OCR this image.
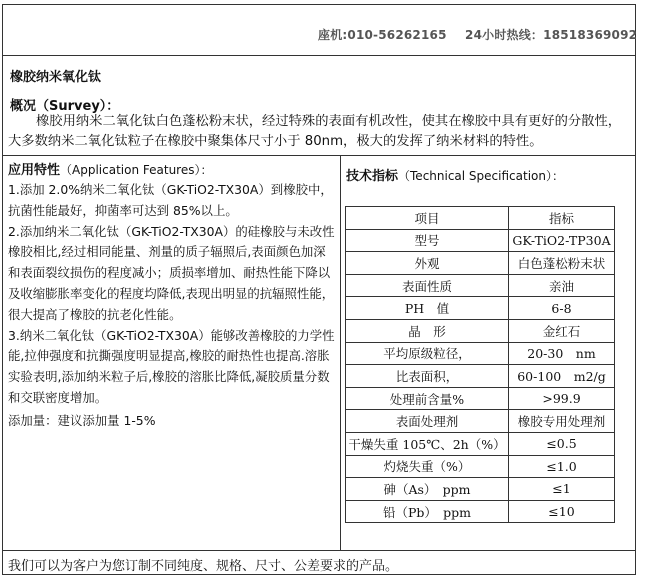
座机:010-56262165 24小时热线：18518369092
橡胶纳米氧化钛
概况（Survey）：
橡胶用纳米二氧化钛白色蓬松粉末状，经过特殊的表面有机改性，使其在橡胶中具有更好的分散性，大多数纳米二氧化钛粒子在橡胶中聚集体尺寸小于 80nm，极大的发挥了纳米材料的特性。
应用特性（Application Features）：

1.添加 2.0%纳米二氧化钛（GK-TiO2-TX30A）到橡胶中，抗菌性能最好，抑菌率可达到 85%以上。

2.添加纳米二氧化钛（GK-TiO2-TX30A）的硅橡胶与未改性橡胶相比,经过相同能量、剂量的质子辐照后,表面颜色加深和表面裂纹损伤的程度减小；质损率增加、耐热性能下降以及收缩膨胀率变化的程度均降低,表现出明显的抗辐照性能，很大提高了橡胶的抗老化性能。

3.纳米二氧化钛（GK-TiO2-TX30A）能够改善橡胶的力学性能,拉伸强度和抗撕强度明显提高,橡胶的耐热性也提高.溶胀实验表明,添加纳米粒子后,橡胶的溶胀比降低,凝胶质量分数和交联密度增加。

添加量：建议添加量 1-5%

技术指标（Technical Specification）：
项目	指标
型号	GK-TiO2-TP30A
外观	白色蓬松粉末状
表面性质	亲油
PH　值	6-8
晶　形	金红石
平均原级粒径，	20-30　nm
比表面积，	60-100　m2/g
处理前含量%	>99.9
表面处理剂	橡胶专用处理剂
干燥失重 105℃、2h（%）	≤0.5
灼烧失重（%）	≤1.0
砷（As）　ppm	≤1
铅（Pb）　ppm	≤10
我们可以为客户为您订制不同纯度、规格、尺寸、公差要求的产品。
